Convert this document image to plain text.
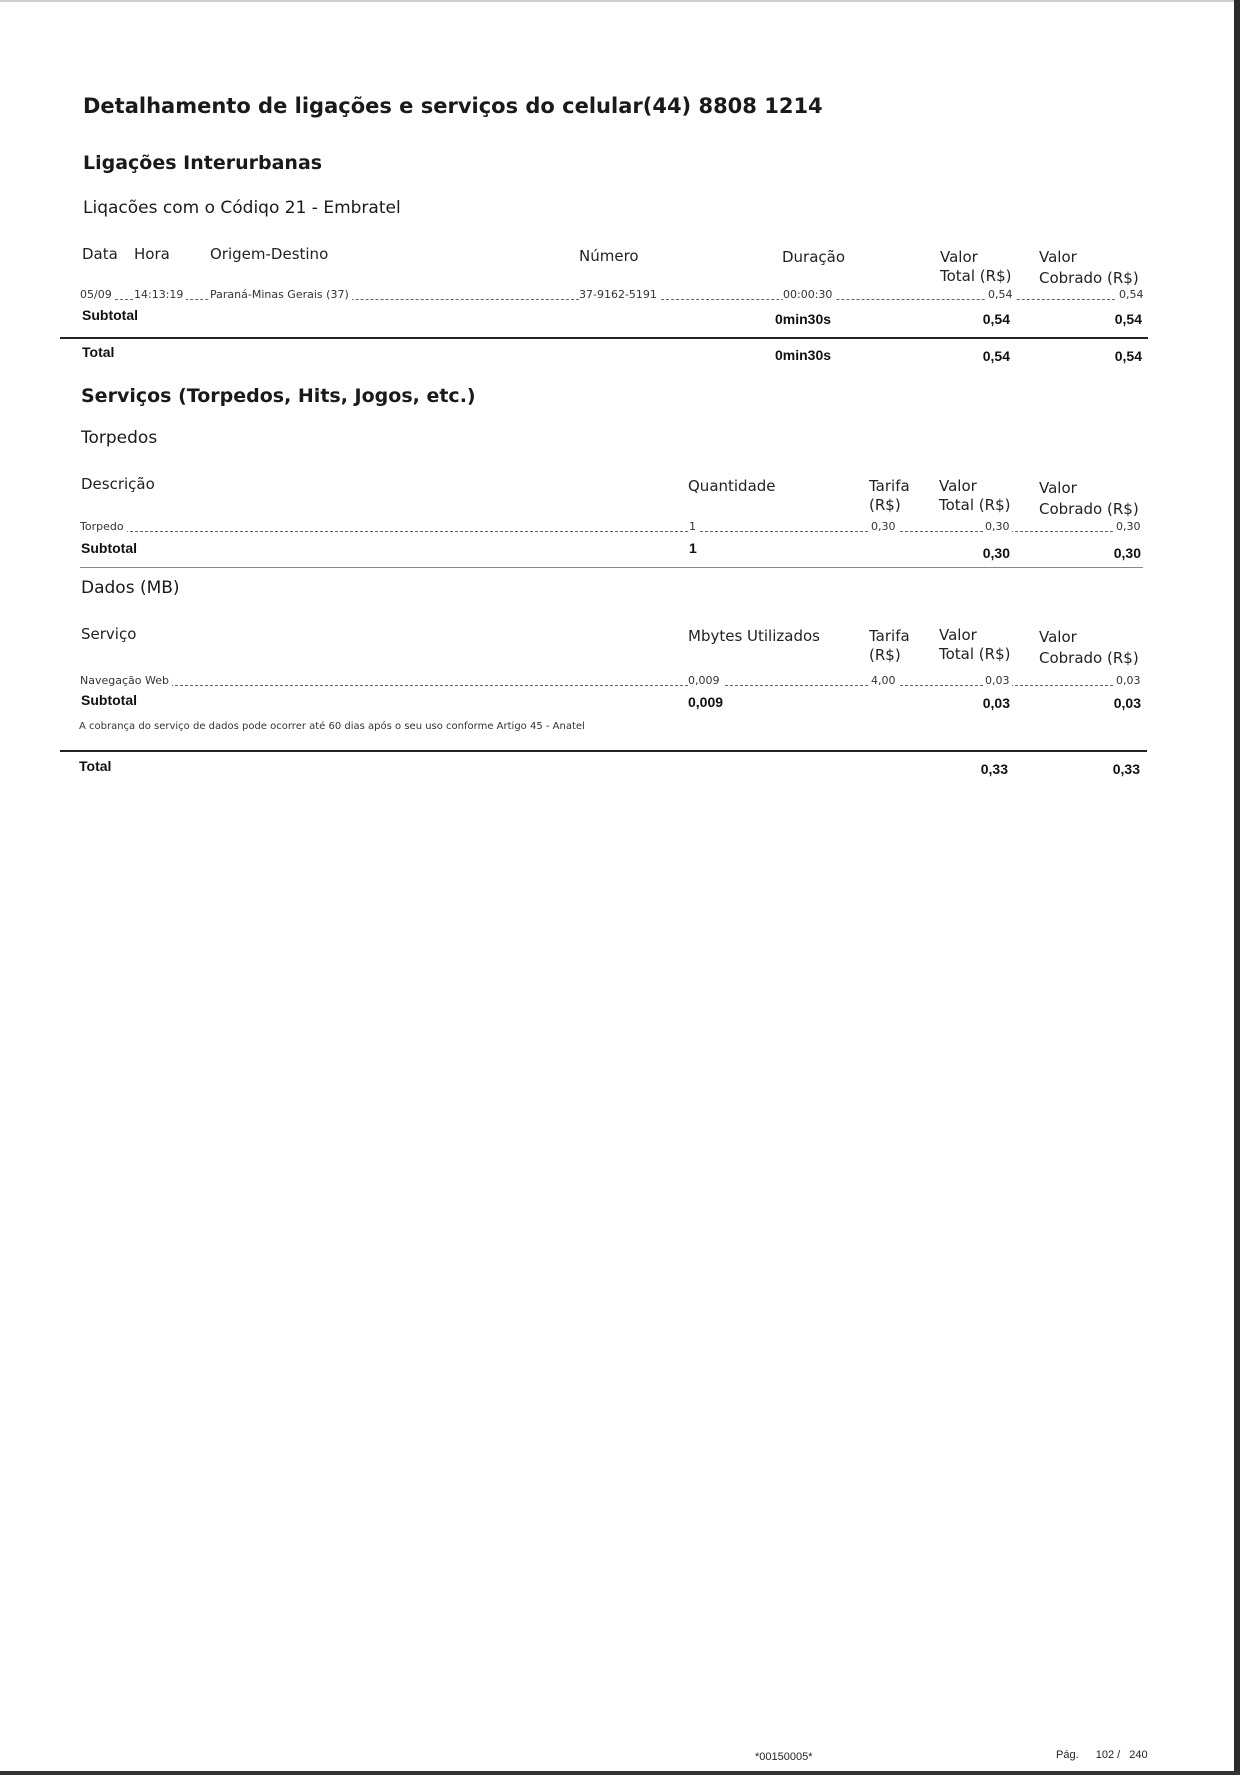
Detalhamento de ligações e serviços do celular(44) 8808 1214
Ligações Interurbanas
Liqacões com o Códiqo 21 - Embratel
Data Hora	Origem-Destino	Número	Duração	Valor
Total (R$)
Valor
Cobrado (R$)
05/09 14:13:19 Paraná-Minas Gerais (37)	37-9162-5191	00:00:30	0,54	0,54
Subtotal	0min30s	0,54	0,54
Total	0min30s	0,54	0,54
Serviços (Torpedos, Hits, Jogos, etc.)
Torpedos
Descrição	Quantidade	Tarifa
(R$)
Valor
Total (R$)
Valor
Cobrado (R$)
Torpedo	1	0,30	0,30	0,30
Subtotal	1	0,30	0,30
Dados (MB)
Serviço	Mbytes Utilizados	Tarifa
(R$)
Valor
Total (R$)
Valor
Cobrado (R$)
Navegação Web	0,009	4,00	0,03	0,03
Subtotal	0,009	0,03	0,03
A cobrança do serviço de dados pode ocorrer até 60 dias após o seu uso conforme Artigo 45 - Anatel
Total	0,33	0,33
*00150005*	Pág. 102 / 240
